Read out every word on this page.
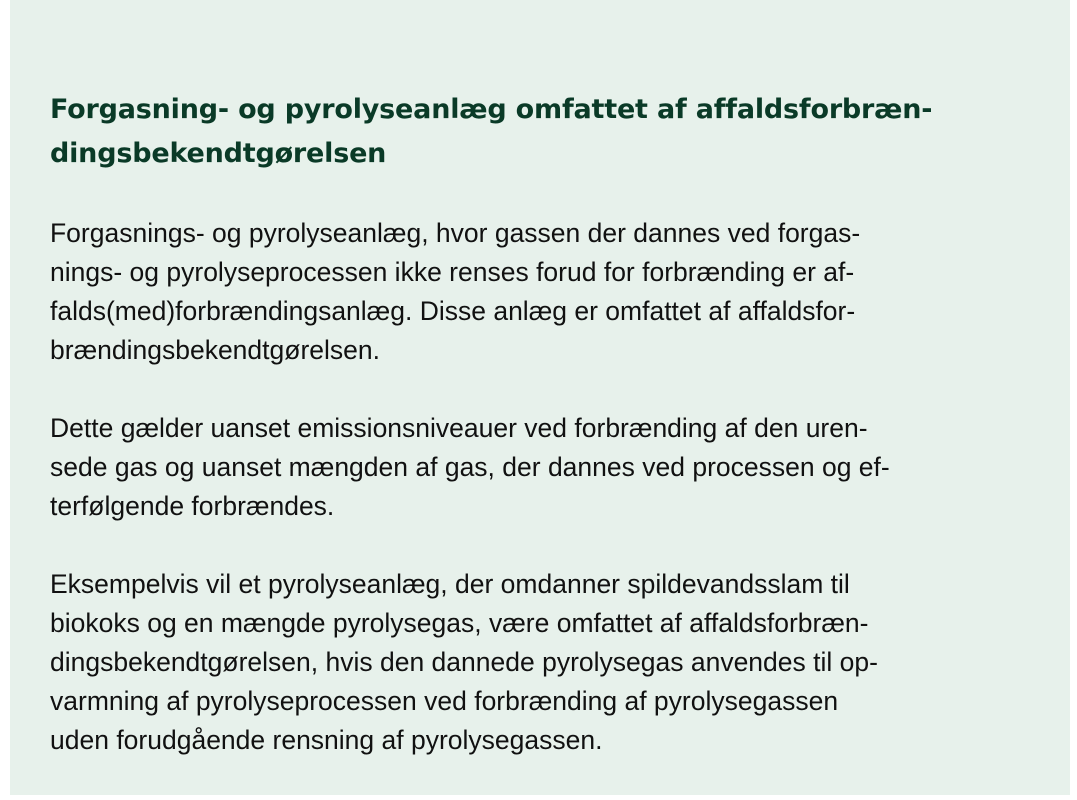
Forgasning- og pyrolyseanlæg omfattet af affaldsforbræn-
dingsbekendtgørelsen

Forgasnings- og pyrolyseanlæg, hvor gassen der dannes ved forgas-
nings- og pyrolyseprocessen ikke renses forud for forbrænding er af-
falds(med)forbrændingsanlæg. Disse anlæg er omfattet af affaldsfor-
brændingsbekendtgørelsen.

Dette gælder uanset emissionsniveauer ved forbrænding af den uren-
sede gas og uanset mængden af gas, der dannes ved processen og ef-
terfølgende forbrændes.

Eksempelvis vil et pyrolyseanlæg, der omdanner spildevandsslam til
biokoks og en mængde pyrolysegas, være omfattet af affaldsforbræn-
dingsbekendtgørelsen, hvis den dannede pyrolysegas anvendes til op-
varmning af pyrolyseprocessen ved forbrænding af pyrolysegassen
uden forudgående rensning af pyrolysegassen.
